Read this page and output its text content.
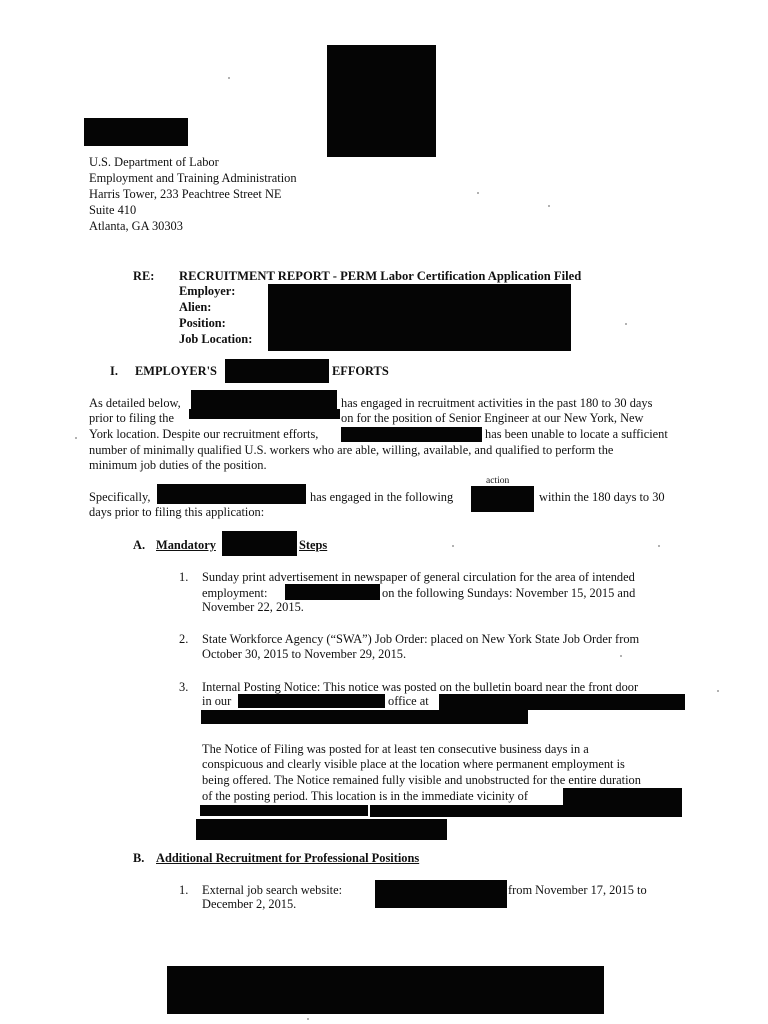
U.S. Department of Labor
Employment and Training Administration
Harris Tower, 233 Peachtree Street NE
Suite 410
Atlanta, GA 30303
RE: RECRUITMENT REPORT - PERM Labor Certification Application Filed
Employer:
Alien:
Position:
Job Location:
I. EMPLOYER'S	EFFORTS
As detailed below,	has engaged in recruitment activities in the past 180 to 30 days
prior to filing the	on for the position of Senior Engineer at our New York, New
York location. Despite our recruitment efforts,	has been unable to locate a sufficient
number of minimally qualified U.S. workers who are able, willing, available, and qualified to perform the
minimum job duties of the position.
action
Specifically,	has engaged in the following	within the 180 days to 30
days prior to filing this application:
A. Mandatory	Steps
1. Sunday print advertisement in newspaper of general circulation for the area of intended
employment:	on the following Sundays: November 15, 2015 and
November 22, 2015.
2. State Workforce Agency (“SWA”) Job Order: placed on New York State Job Order from
October 30, 2015 to November 29, 2015.
3. Internal Posting Notice: This notice was posted on the bulletin board near the front door
in our	office at
The Notice of Filing was posted for at least ten consecutive business days in a
conspicuous and clearly visible place at the location where permanent employment is
being offered. The Notice remained fully visible and unobstructed for the entire duration
of the posting period. This location is in the immediate vicinity of
B. Additional Recruitment for Professional Positions
1. External job search website:	from November 17, 2015 to
December 2, 2015.
